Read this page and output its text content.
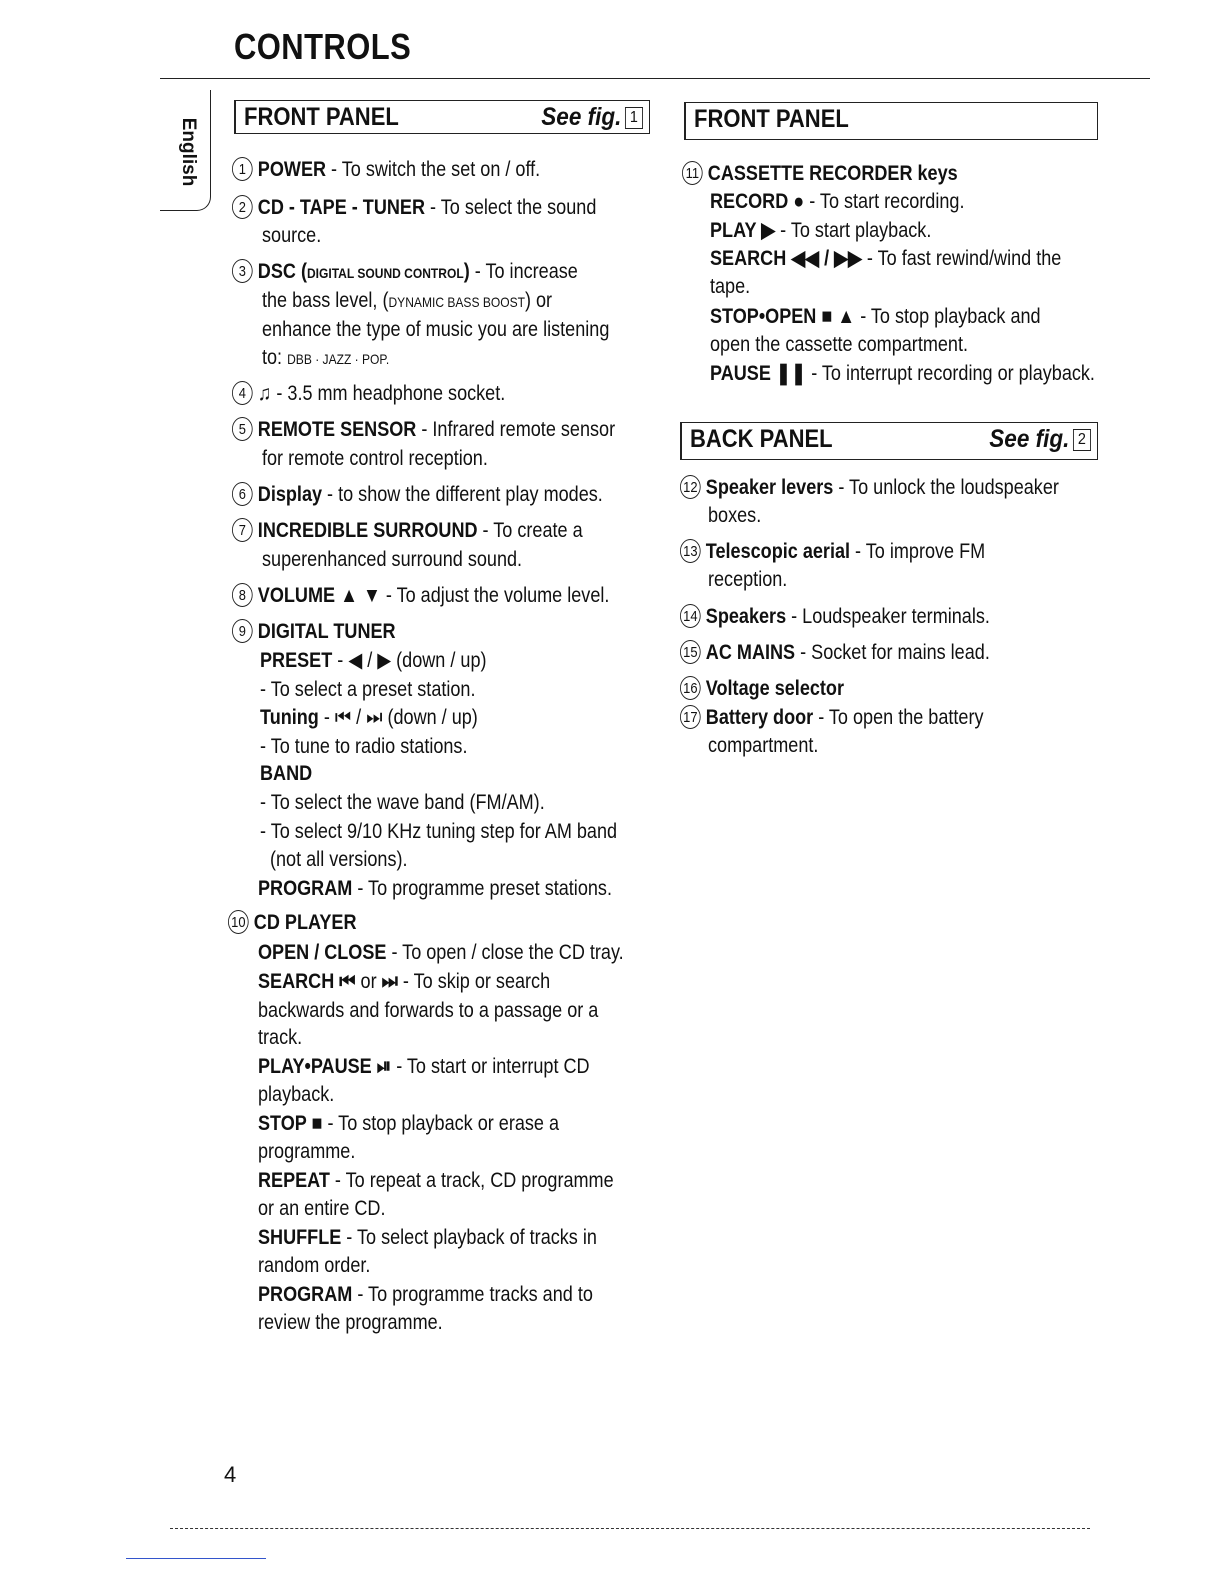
CONTROLS
English
FRONT PANEL	See fig. 1
1 POWER - To switch the set on / off.
2 CD - TAPE - TUNER - To select the sound
source.
3 DSC (DIGITAL SOUND CONTROL) - To increase
the bass level, (DYNAMIC BASS BOOST) or
enhance the type of music you are listening
to: DBB · JAZZ · POP.
4 ♫ - 3.5 mm headphone socket.
5 REMOTE SENSOR - Infrared remote sensor
for remote control reception.
6 Display - to show the different play modes.
7 INCREDIBLE SURROUND - To create a
superenhanced surround sound.
8 VOLUME ▲ ▼ - To adjust the volume level.
9 DIGITAL TUNER
PRESET - ◀ / ▶ (down / up)
- To select a preset station.
Tuning - ⏮ / ⏭ (down / up)
- To tune to radio stations.
BAND
- To select the wave band (FM/AM).
- To select 9/10 KHz tuning step for AM band
(not all versions).
PROGRAM - To programme preset stations.
10 CD PLAYER
OPEN / CLOSE - To open / close the CD tray.
SEARCH ⏮ or ⏭ - To skip or search
backwards and forwards to a passage or a
track.
PLAY•PAUSE ⏯ - To start or interrupt CD
playback.
STOP ■ - To stop playback or erase a
programme.
REPEAT - To repeat a track, CD programme
or an entire CD.
SHUFFLE - To select playback of tracks in
random order.
PROGRAM - To programme tracks and to
review the programme.
FRONT PANEL
11 CASSETTE RECORDER keys
RECORD ● - To start recording.
PLAY ▶ - To start playback.
SEARCH ◀◀ / ▶▶ - To fast rewind/wind the
tape.
STOP•OPEN ■ ▲ - To stop playback and
open the cassette compartment.
PAUSE ❚❚ - To interrupt recording or playback.
BACK PANEL	See fig. 2
12 Speaker levers - To unlock the loudspeaker
boxes.
13 Telescopic aerial - To improve FM
reception.
14 Speakers - Loudspeaker terminals.
15 AC MAINS - Socket for mains lead.
16 Voltage selector
17 Battery door - To open the battery
compartment.
4
